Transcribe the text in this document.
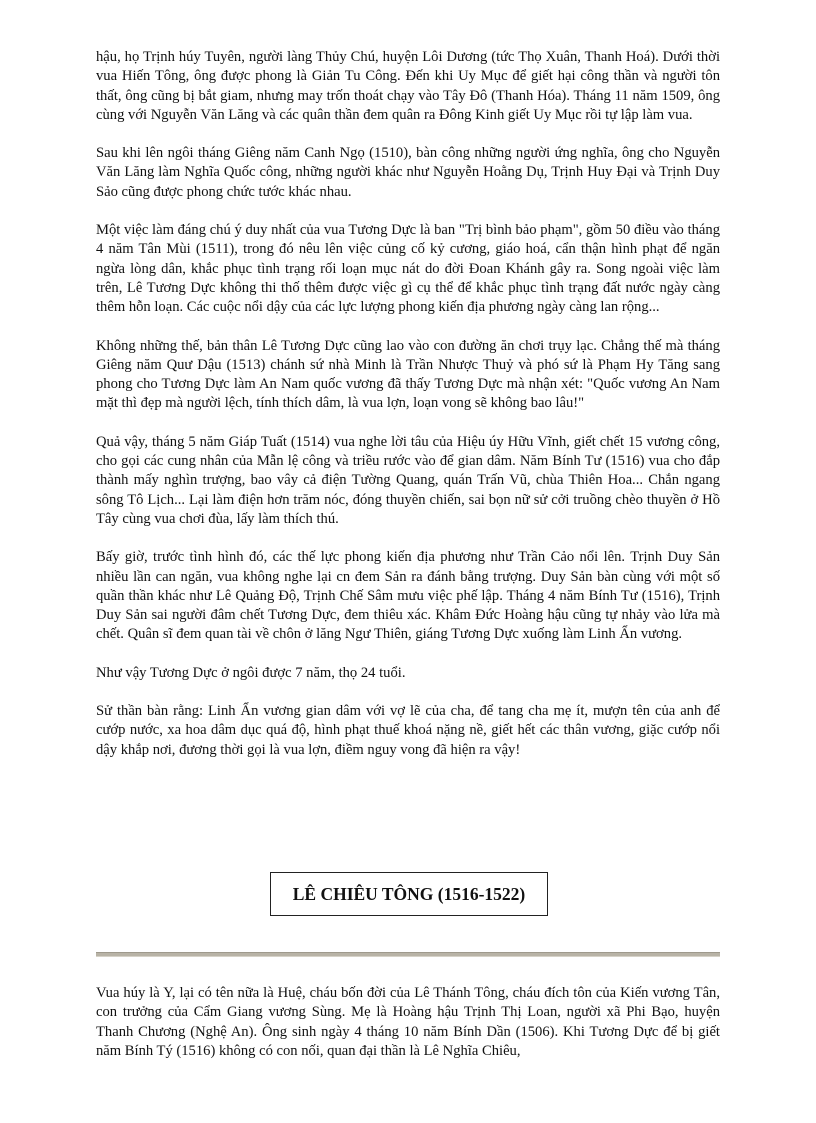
hậu, họ Trịnh húy Tuyên, người làng Thủy Chú, huyện Lôi Dương (tức Thọ Xuân, Thanh Hoá). Dưới thời vua Hiến Tông, ông được phong là Giản Tu Công. Đến khi Uy Mục để giết hại công thần và người tôn thất, ông cũng bị bắt giam, nhưng may trốn thoát chạy vào Tây Đô (Thanh Hóa). Tháng 11 năm 1509, ông cùng với Nguyễn Văn Lăng và các quân thần đem quân ra Đông Kinh giết Uy Mục rồi tự lập làm vua.

Sau khi lên ngôi tháng Giêng năm Canh Ngọ (1510), bàn công những người ứng nghĩa, ông cho Nguyễn Văn Lăng làm Nghĩa Quốc công, những người khác như Nguyễn Hoằng Dụ, Trịnh Huy Đại và Trịnh Duy Sảo cũng được phong chức tước khác nhau.

Một việc làm đáng chú ý duy nhất của vua Tương Dực là ban "Trị bình bảo phạm", gồm 50 điều vào tháng 4 năm Tân Mùi (1511), trong đó nêu lên việc củng cố kỷ cương, giáo hoá, cẩn thận hình phạt để ngăn ngừa lòng dân, khắc phục tình trạng rối loạn mục nát do đời Đoan Khánh gây ra. Song ngoài việc làm trên, Lê Tương Dực không thi thố thêm được việc gì cụ thể để khắc phục tình trạng đất nước ngày càng thêm hỗn loạn. Các cuộc nổi dậy của các lực lượng phong kiến địa phương ngày càng lan rộng...

Không những thế, bản thân Lê Tương Dực cũng lao vào con đường ăn chơi trụy lạc. Chẳng thế mà tháng Giêng năm Quư Dậu (1513) chánh sứ nhà Minh là Trần Nhược Thuỷ và phó sứ là Phạm Hy Tăng sang phong cho Tương Dực làm An Nam quốc vương đã thấy Tương Dực mà nhận xét: "Quốc vương An Nam mặt thì đẹp mà người lệch, tính thích dâm, là vua lợn, loạn vong sẽ không bao lâu!"

Quả vậy, tháng 5 năm Giáp Tuất (1514) vua nghe lời tâu của Hiệu úy Hữu Vĩnh, giết chết 15 vương công, cho gọi các cung nhân của Mẫn lệ công và triều rước vào để gian dâm. Năm Bính Tư (1516) vua cho đắp thành mấy nghìn trượng, bao vây cả điện Tường Quang, quán Trấn Vũ, chùa Thiên Hoa... Chắn ngang sông Tô Lịch... Lại làm điện hơn trăm nóc, đóng thuyền chiến, sai bọn nữ sử cởi truồng chèo thuyền ở Hồ Tây cùng vua chơi đùa, lấy làm thích thú.

Bấy giờ, trước tình hình đó, các thế lực phong kiến địa phương như Trần Cảo nổi lên. Trịnh Duy Sản nhiều lần can ngăn, vua không nghe lại cn đem Sản ra đánh bằng trượng. Duy Sản bàn cùng với một số quần thần khác như Lê Quảng Độ, Trịnh Chế Sâm mưu việc phế lập. Tháng 4 năm Bính Tư (1516), Trịnh Duy Sản sai người đâm chết Tương Dực, đem thiêu xác. Khâm Đức Hoàng hậu cũng tự nhảy vào lửa mà chết. Quân sĩ đem quan tài về chôn ở lăng Ngư Thiên, giáng Tương Dực xuống làm Linh Ẩn vương.

Như vậy Tương Dực ở ngôi được 7 năm, thọ 24 tuổi.

Sử thần bàn rằng: Linh Ẩn vương gian dâm với vợ lẽ của cha, để tang cha mẹ ít, mượn tên của anh để cướp nước, xa hoa dâm dục quá độ, hình phạt thuế khoá nặng nề, giết hết các thân vương, giặc cướp nổi dậy khắp nơi, đương thời gọi là vua lợn, điềm nguy vong đã hiện ra vậy!

LÊ CHIÊU TÔNG (1516-1522)

Vua húy là Y, lại có tên nữa là Huệ, cháu bốn đời của Lê Thánh Tông, cháu đích tôn của Kiến vương Tân, con trưởng của Cẩm Giang vương Sùng. Mẹ là Hoàng hậu Trịnh Thị Loan, người xã Phi Bạo, huyện Thanh Chương (Nghệ An). Ông sinh ngày 4 tháng 10 năm Bính Dần (1506). Khi Tương Dực để bị giết năm Bính Tý (1516) không có con nối, quan đại thần là Lê Nghĩa Chiêu,
